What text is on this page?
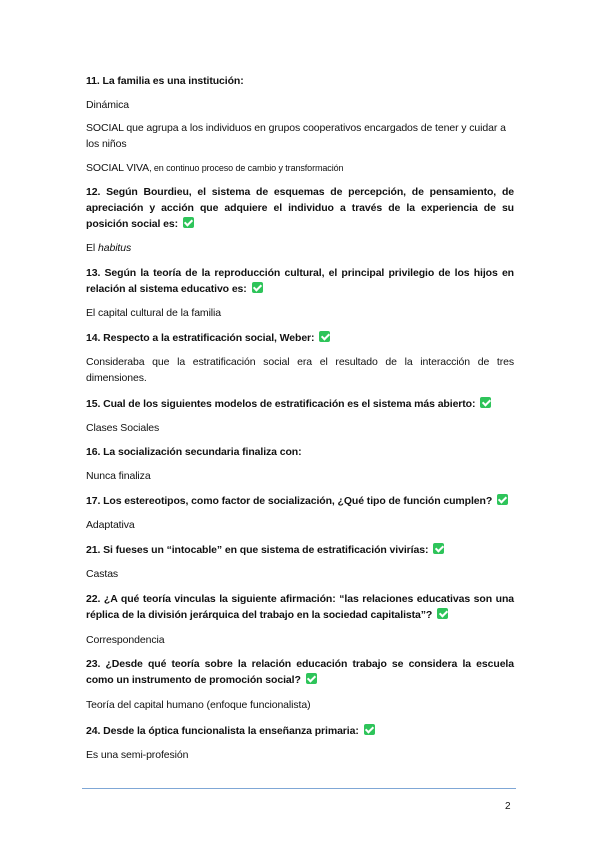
11. La familia es una institución:
Dinámica
SOCIAL que agrupa a los individuos en grupos cooperativos encargados de tener y cuidar a los niños
SOCIAL VIVA, en continuo proceso de cambio y transformación
12. Según Bourdieu, el sistema de esquemas de percepción, de pensamiento, de apreciación y acción que adquiere el individuo a través de la experiencia de su posición social es:
El habitus
13. Según la teoría de la reproducción cultural, el principal privilegio de los hijos en relación al sistema educativo es:
El capital cultural de la familia
14. Respecto a la estratificación social, Weber:
Consideraba que la estratificación social era el resultado de la interacción de tres dimensiones.
15. Cual de los siguientes modelos de estratificación es el sistema más abierto:
Clases Sociales
16. La socialización secundaria finaliza con:
Nunca finaliza
17. Los estereotipos, como factor de socialización, ¿Qué tipo de función cumplen?
Adaptativa
21. Si fueses un “intocable” en que sistema de estratificación vivirías:
Castas
22. ¿A qué teoría vinculas la siguiente afirmación: “las relaciones educativas son una réplica de la división jerárquica del trabajo en la sociedad capitalista”?
Correspondencia
23. ¿Desde qué teoría sobre la relación educación trabajo se considera la escuela como un instrumento de promoción social?
Teoría del capital humano (enfoque funcionalista)
24. Desde la óptica funcionalista la enseñanza primaria:
Es una semi-profesión
2
